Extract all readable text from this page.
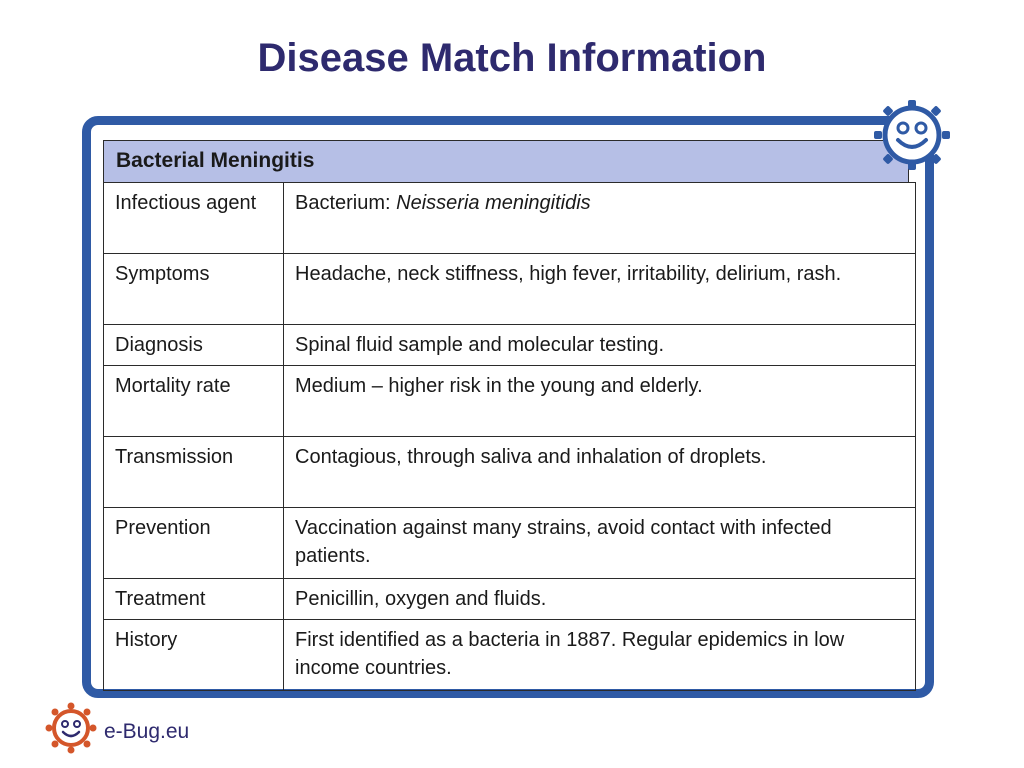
Disease Match Information
Bacterial Meningitis
Infectious agent	Bacterium: Neisseria meningitidis
Symptoms	Headache, neck stiffness, high fever, irritability, delirium, rash.
Diagnosis	Spinal fluid sample and molecular testing.
Mortality rate	Medium – higher risk in the young and elderly.
Transmission	Contagious, through saliva and inhalation of droplets.
Prevention	Vaccination against many strains, avoid contact with infected patients.
Treatment	Penicillin, oxygen and fluids.
History	First identified as a bacteria in 1887. Regular epidemics in low income countries.
e-Bug.eu
